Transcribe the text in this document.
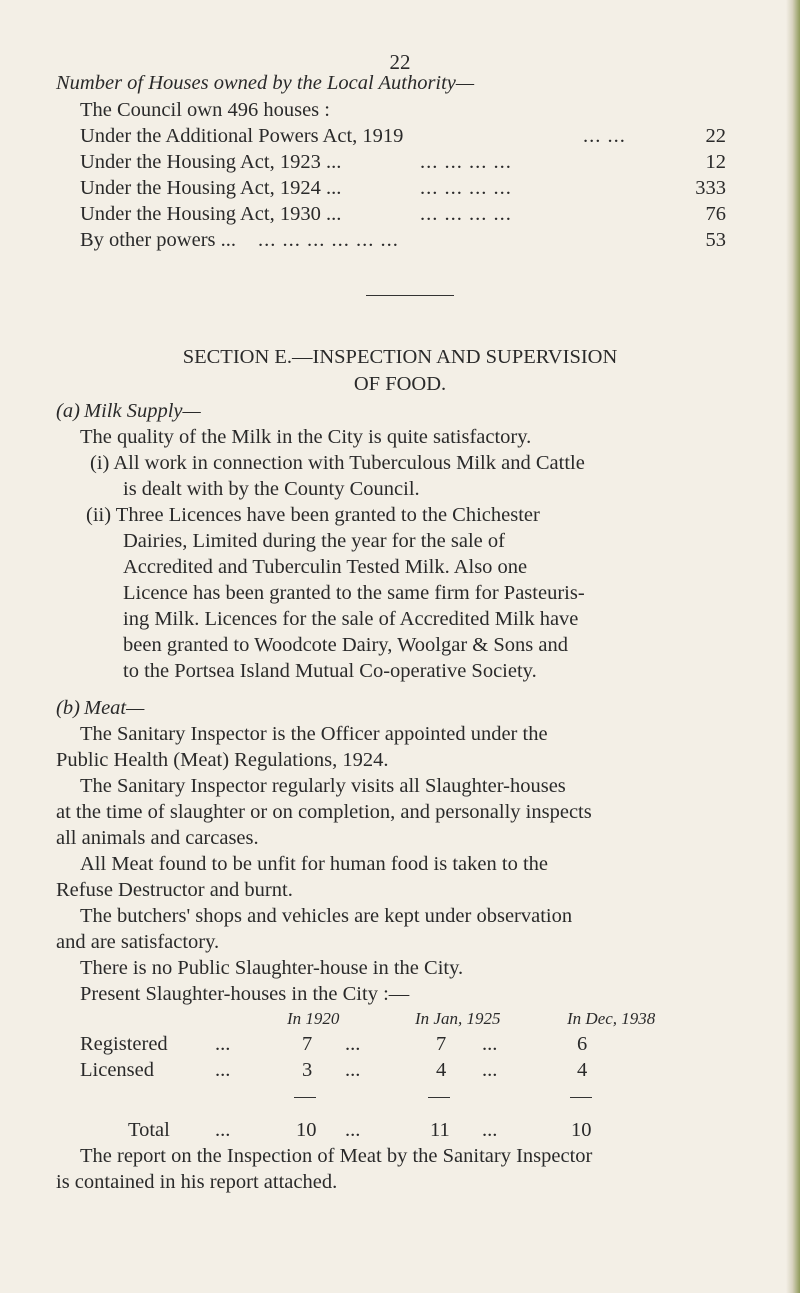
22
Number of Houses owned by the Local Authority—
The Council own 496 houses :
Under the Additional Powers Act, 1919	... ...	22
Under the Housing Act, 1923 ...	... ... ... ...	12
Under the Housing Act, 1924 ...	... ... ... ...	333
Under the Housing Act, 1930 ...	... ... ... ...	76
By other powers ... ... ... ... ... ... ...	53
SECTION E.—INSPECTION AND SUPERVISION
OF FOOD.
(a) Milk Supply—
The quality of the Milk in the City is quite satisfactory.
(i) All work in connection with Tuberculous Milk and Cattle
is dealt with by the County Council.
(ii) Three Licences have been granted to the Chichester
Dairies, Limited during the year for the sale of
Accredited and Tuberculin Tested Milk. Also one
Licence has been granted to the same firm for Pasteuris-
ing Milk. Licences for the sale of Accredited Milk have
been granted to Woodcote Dairy, Woolgar & Sons and
to the Portsea Island Mutual Co-operative Society.
(b) Meat—
The Sanitary Inspector is the Officer appointed under the
Public Health (Meat) Regulations, 1924.
The Sanitary Inspector regularly visits all Slaughter-houses
at the time of slaughter or on completion, and personally inspects
all animals and carcases.
All Meat found to be unfit for human food is taken to the
Refuse Destructor and burnt.
The butchers' shops and vehicles are kept under observation
and are satisfactory.
There is no Public Slaughter-house in the City.
Present Slaughter-houses in the City :—
In 1920	In Jan, 1925	In Dec, 1938
Registered ...	7 ...	7 ...	6
Licensed	...	3 ...	4 ...	4
Total ...	10 ...	11 ...	10
The report on the Inspection of Meat by the Sanitary Inspector
is contained in his report attached.
